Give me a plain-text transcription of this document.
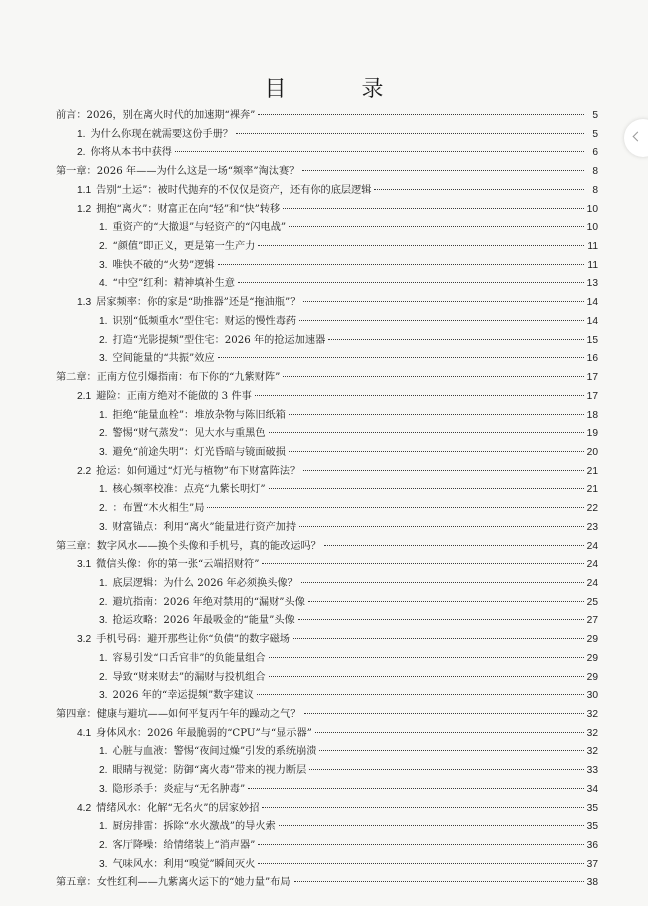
目 录
前言：2026，别在离火时代的加速期“裸奔”	5
1. 为什么你现在就需要这份手册？	5
2. 你将从本书中获得	6
第一章：2026 年——为什么这是一场“频率”淘汰赛？	8
1.1 告别“土运”：被时代抛弃的不仅仅是资产，还有你的底层逻辑	8
1.2 拥抱“离火”：财富正在向“轻”和“快”转移	10
1. 重资产的“大撤退”与轻资产的“闪电战”	10
2. “颜值”即正义，更是第一生产力	11
3. 唯快不破的“火势”逻辑	11
4. “中空”红利：精神填补生意	13
1.3 居家频率：你的家是“助推器”还是“拖油瓶”？	14
1. 识别“低频重水”型住宅：财运的慢性毒药	14
2. 打造“光影提频”型住宅：2026 年的抢运加速器	15
3. 空间能量的“共振”效应	16
第二章：正南方位引爆指南：布下你的“九紫财阵”	17
2.1 避险：正南方绝对不能做的 3 件事	17
1. 拒绝“能量血栓”：堆放杂物与陈旧纸箱	18
2. 警惕“财气蒸发”：见大水与重黑色	19
3. 避免“前途失明”：灯光昏暗与镜面破损	20
2.2 抢运：如何通过“灯光与植物”布下财富阵法？	21
1. 核心频率校准：点亮“九紫长明灯”	21
2. ：布置“木火相生”局	22
3. 财富锚点：利用“离火”能量进行资产加持	23
第三章：数字风水——换个头像和手机号，真的能改运吗？	24
3.1 微信头像：你的第一张“云端招财符”	24
1. 底层逻辑：为什么 2026 年必须换头像？	24
2. 避坑指南：2026 年绝对禁用的“漏财”头像	25
3. 抢运攻略：2026 年最吸金的“能量”头像	27
3.2 手机号码：避开那些让你“负债”的数字磁场	29
1. 容易引发“口舌官非”的负能量组合	29
2. 导致“财来财去”的漏财与投机组合	29
3. 2026 年的“幸运提频”数字建议	30
第四章：健康与避坑——如何平复丙午年的躁动之气？	32
4.1 身体风水：2026 年最脆弱的“CPU”与“显示器”	32
1. 心脏与血液：警惕“夜间过燥”引发的系统崩溃	32
2. 眼睛与视觉：防御“离火毒”带来的视力断层	33
3. 隐形杀手：炎症与“无名肿毒”	34
4.2 情绪风水：化解“无名火”的居家妙招	35
1. 厨房排雷：拆除“水火激战”的导火索	35
2. 客厅降噪：给情绪装上“消声器”	36
3. 气味风水：利用“嗅觉”瞬间灭火	37
第五章：女性红利——九紫离火运下的“她力量”布局	38
